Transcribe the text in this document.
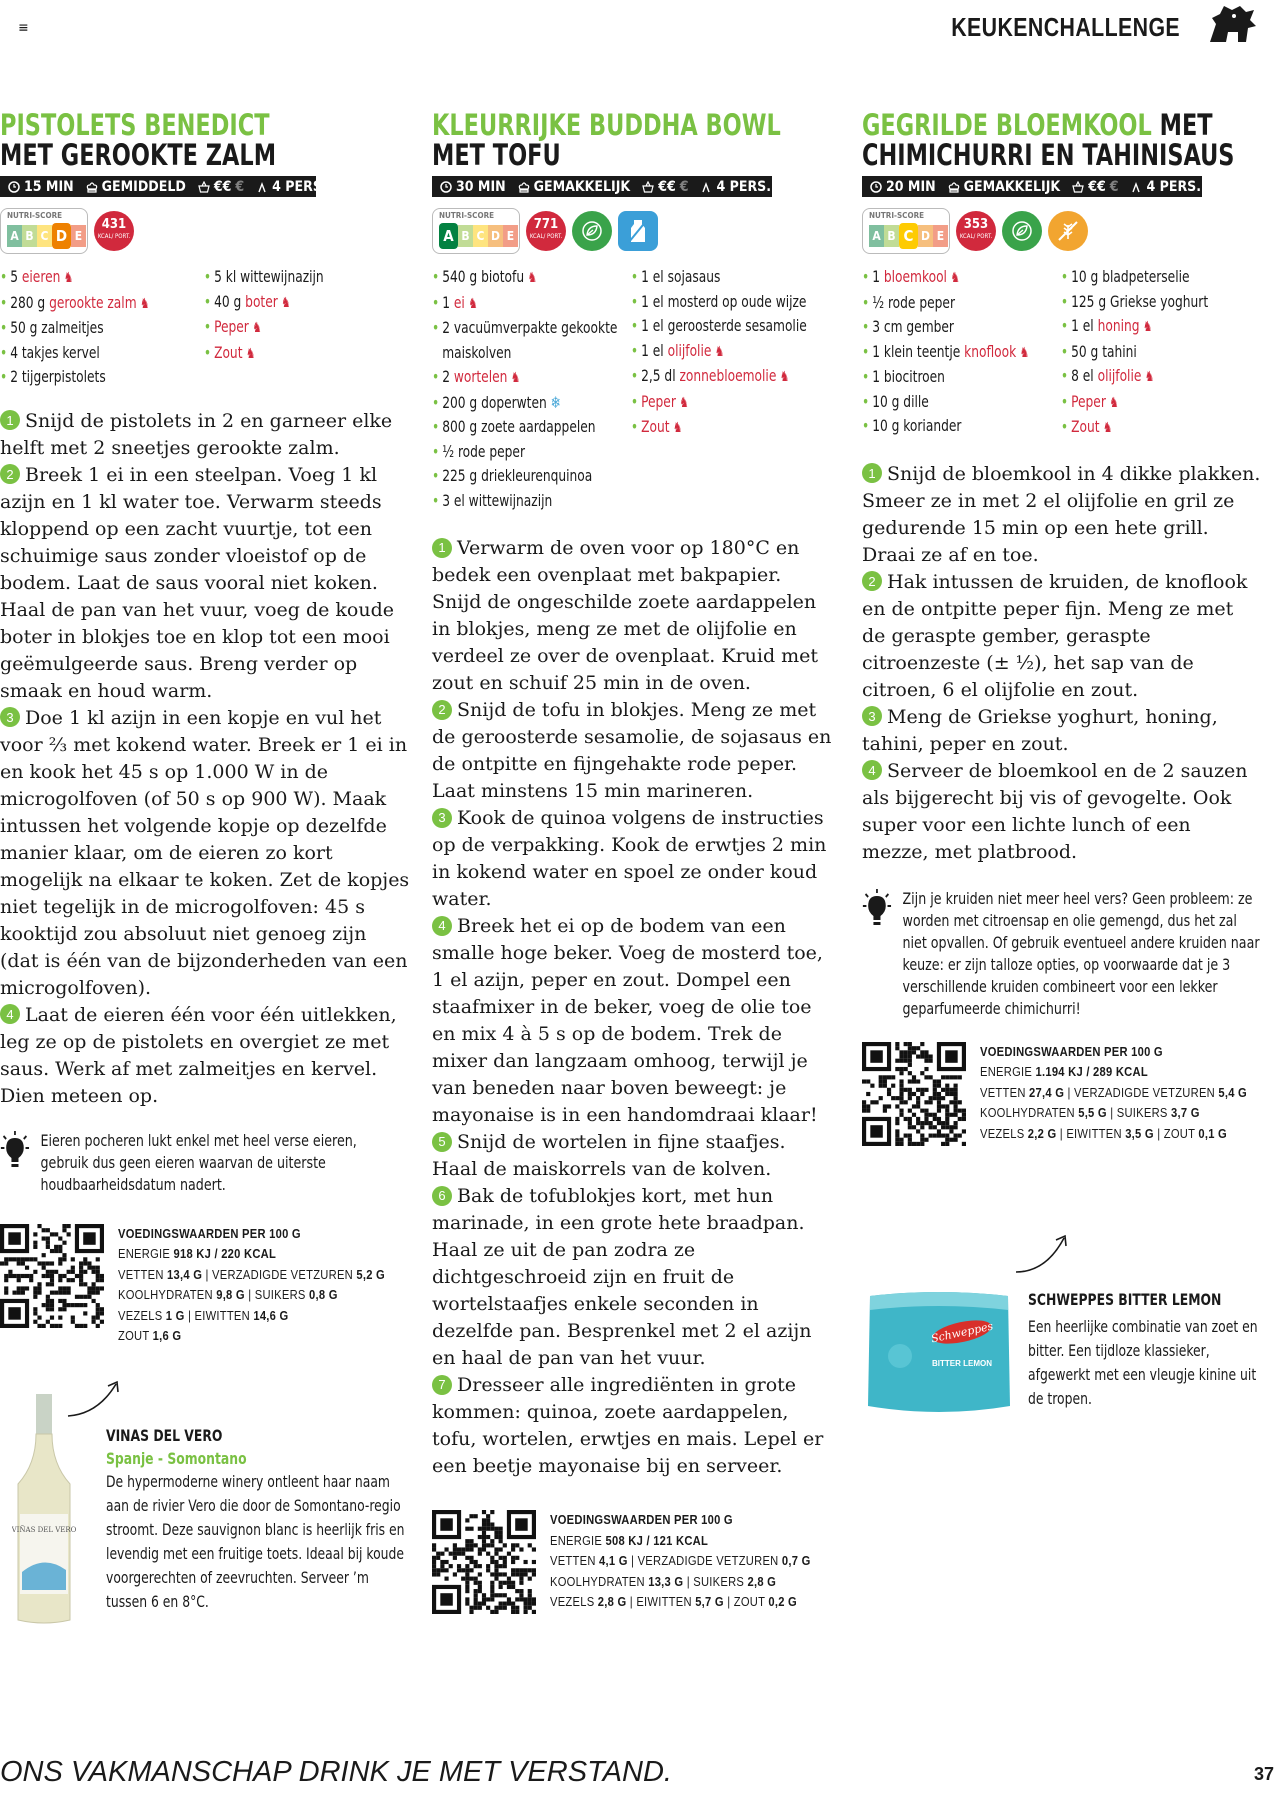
≡	KEUKENCHALLENGE
PISTOLETS BENEDICT
MET GEROOKTE ZALM
15 MIN GEMIDDELD €€ € 4 PERS.
NUTRI-SCORE
A B C D E
431
KCAL/ PORT.
• 5 eieren ♞
• 280 g gerookte zalm ♞
• 50 g zalmeitjes
• 4 takjes kervel
• 2 tijgerpistolets
• 5 kl wittewijnazijn
• 40 g boter ♞
• Peper ♞
• Zout ♞

1 Snijd de pistolets in 2 en garneer elke helft met 2 sneetjes gerookte zalm.

2 Breek 1 ei in een steelpan. Voeg 1 kl azijn en 1 kl water toe. Verwarm steeds kloppend op een zacht vuurtje, tot een schuimige saus zonder vloeistof op de bodem. Laat de saus vooral niet koken. Haal de pan van het vuur, voeg de koude boter in blokjes toe en klop tot een mooi geëmulgeerde saus. Breng verder op smaak en houd warm.

3 Doe 1 kl azijn in een kopje en vul het voor ⅔ met kokend water. Breek er 1 ei in en kook het 45 s op 1.000 W in de microgolfoven (of 50 s op 900 W). Maak intussen het volgende kopje op dezelfde manier klaar, om de eieren zo kort mogelijk na elkaar te koken. Zet de kopjes niet tegelijk in de microgolfoven: 45 s kooktijd zou absoluut niet genoeg zijn (dat is één van de bijzonderheden van een microgolfoven).

4 Laat de eieren één voor één uitlekken, leg ze op de pistolets en overgiet ze met saus. Werk af met zalmeitjes en kervel. Dien meteen op.

Eieren pocheren lukt enkel met heel verse eieren, gebruik dus geen eieren waarvan de uiterste houdbaarheidsdatum nadert.
VOEDINGSWAARDEN PER 100 G
ENERGIE 918 KJ / 220 KCAL
VETTEN 13,4 G | VERZADIGDE VETZUREN 5,2 G
KOOLHYDRATEN 9,8 G | SUIKERS 0,8 G
VEZELS 1 G | EIWITTEN 14,6 G
ZOUT 1,6 G
KLEURRIJKE BUDDHA BOWL
MET TOFU
30 MIN GEMAKKELIJK €€ € 4 PERS.
NUTRI-SCORE
A B C D E
771
KCAL/ PORT.
• 540 g biotofu ♞
• 1 ei ♞
• 2 vacuümverpakte gekookte maiskolven
• 2 wortelen ♞
• 200 g doperwten ❄
• 800 g zoete aardappelen
• ½ rode peper
• 225 g driekleurenquinoa
• 3 el wittewijnazijn
• 1 el sojasaus
• 1 el mosterd op oude wijze
• 1 el geroosterde sesamolie
• 1 el olijfolie ♞
• 2,5 dl zonnebloemolie ♞
• Peper ♞
• Zout ♞

1 Verwarm de oven voor op 180°C en bedek een ovenplaat met bakpapier. Snijd de ongeschilde zoete aardappelen in blokjes, meng ze met de olijfolie en verdeel ze over de ovenplaat. Kruid met zout en schuif 25 min in de oven.

2 Snijd de tofu in blokjes. Meng ze met de geroosterde sesamolie, de sojasaus en de ontpitte en fijngehakte rode peper. Laat minstens 15 min marineren.

3 Kook de quinoa volgens de instructies op de verpakking. Kook de erwtjes 2 min in kokend water en spoel ze onder koud water.

4 Breek het ei op de bodem van een smalle hoge beker. Voeg de mosterd toe, 1 el azijn, peper en zout. Dompel een staafmixer in de beker, voeg de olie toe en mix 4 à 5 s op de bodem. Trek de mixer dan langzaam omhoog, terwijl je van beneden naar boven beweegt: je mayonaise is in een handomdraai klaar!

5 Snijd de wortelen in fijne staafjes. Haal de maiskorrels van de kolven.

6 Bak de tofublokjes kort, met hun marinade, in een grote hete braadpan. Haal ze uit de pan zodra ze dichtgeschroeid zijn en fruit de wortelstaafjes enkele seconden in dezelfde pan. Besprenkel met 2 el azijn en haal de pan van het vuur.

7 Dresseer alle ingrediënten in grote kommen: quinoa, zoete aardappelen, tofu, wortelen, erwtjes en mais. Lepel er een beetje mayonaise bij en serveer.

VOEDINGSWAARDEN PER 100 G
ENERGIE 508 KJ / 121 KCAL
VETTEN 4,1 G | VERZADIGDE VETZUREN 0,7 G
KOOLHYDRATEN 13,3 G | SUIKERS 2,8 G
VEZELS 2,8 G | EIWITTEN 5,7 G | ZOUT 0,2 G
GEGRILDE BLOEMKOOL MET
CHIMICHURRI EN TAHINISAUS
20 MIN GEMAKKELIJK €€ € 4 PERS.
NUTRI-SCORE
A B C D E
353
KCAL/ PORT.
• 1 bloemkool ♞
• ½ rode peper
• 3 cm gember
• 1 klein teentje knoflook ♞
• 1 biocitroen
• 10 g dille
• 10 g koriander
• 10 g bladpeterselie
• 125 g Griekse yoghurt
• 1 el honing ♞
• 50 g tahini
• 8 el olijfolie ♞
• Peper ♞
• Zout ♞

1 Snijd de bloemkool in 4 dikke plakken. Smeer ze in met 2 el olijfolie en gril ze gedurende 15 min op een hete grill. Draai ze af en toe.

2 Hak intussen de kruiden, de knoflook en de ontpitte peper fijn. Meng ze met de geraspte gember, geraspte citroenzeste (± ½), het sap van de citroen, 6 el olijfolie en zout.

3 Meng de Griekse yoghurt, honing, tahini, peper en zout.

4 Serveer de bloemkool en de 2 sauzen als bijgerecht bij vis of gevogelte. Ook super voor een lichte lunch of een mezze, met platbrood.

Zijn je kruiden niet meer heel vers? Geen probleem: ze worden met citroensap en olie gemengd, dus het zal niet opvallen. Of gebruik eventueel andere kruiden naar keuze: er zijn talloze opties, op voorwaarde dat je 3 verschillende kruiden combineert voor een lekker geparfumeerde chimichurri!
VOEDINGSWAARDEN PER 100 G
ENERGIE 1.194 KJ / 289 KCAL
VETTEN 27,4 G | VERZADIGDE VETZUREN 5,4 G
KOOLHYDRATEN 5,5 G | SUIKERS 3,7 G
VEZELS 2,2 G | EIWITTEN 3,5 G | ZOUT 0,1 G
VIÑAS DEL VERO
VINAS DEL VERO
Spanje - Somontano
De hypermoderne winery ontleent haar naam aan de rivier Vero die door de Somontano-regio stroomt. Deze sauvignon blanc is heerlijk fris en levendig met een fruitige toets. Ideaal bij koude voorgerechten of zeevruchten. Serveer ’m tussen 6 en 8°C.
Schweppes
BITTER LEMON
SCHWEPPES BITTER LEMON
Een heerlijke combinatie van zoet en bitter. Een tijdloze klassieker, afgewerkt met een vleugje kinine uit de tropen.
ONS VAKMANSCHAP DRINK JE MET VERSTAND.	37
